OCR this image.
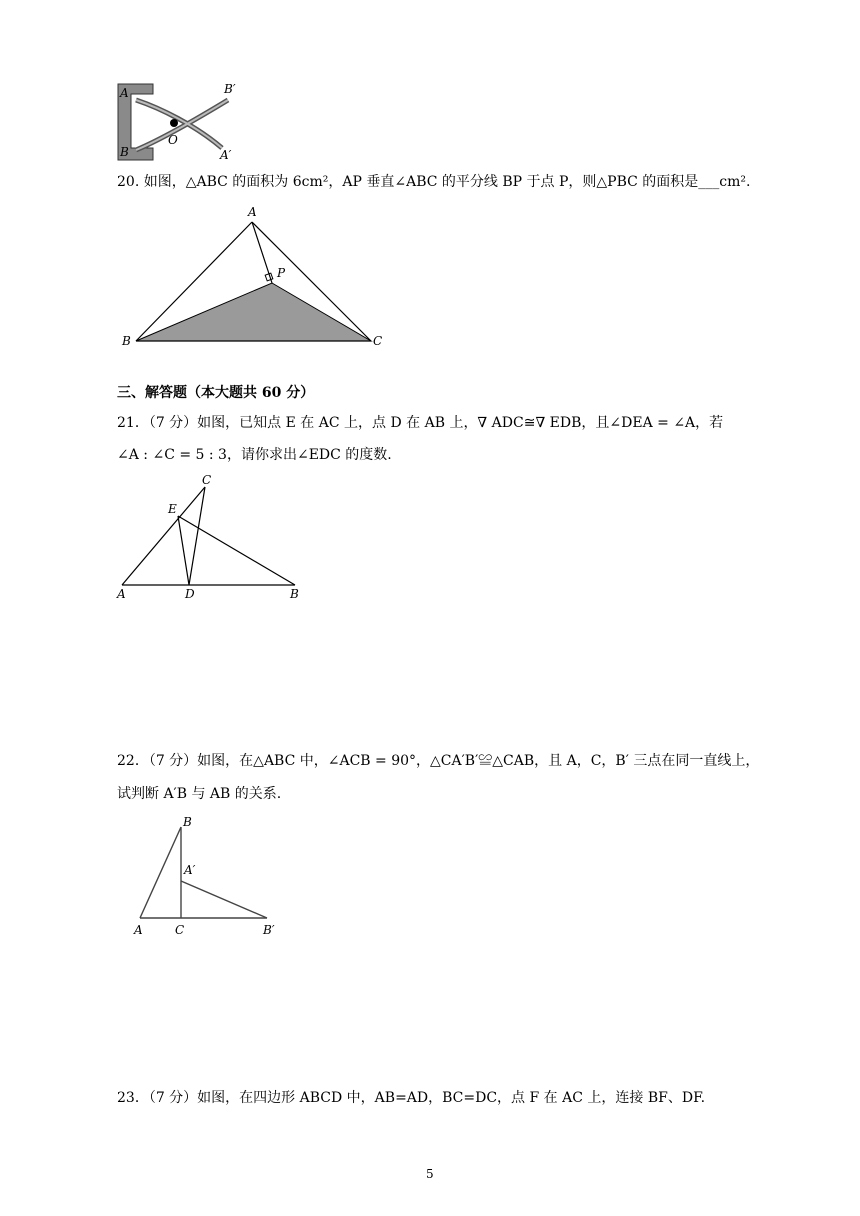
A
B
O
B′
A′
20. 如图，△ABC 的面积为 6cm²，AP 垂直∠ABC 的平分线 BP 于点 P，则△PBC 的面积是___cm².
A
P
B	C
三、解答题（本大题共 60 分）
21．（7 分）如图，已知点 E 在 AC 上，点 D 在 AB 上，∇ ADC≅∇ EDB，且∠DEA = ∠A，若
∠A : ∠C = 5 : 3，请你求出∠EDC 的度数.
C
E
A	D	B
22．（7 分）如图，在△ABC 中，∠ACB = 90°，△CA′B′≌△CAB，且 A，C，B′ 三点在同一直线上，
试判断 A′B 与 AB 的关系.
B
A′
A	C	B′
23．（7 分）如图，在四边形 ABCD 中，AB=AD，BC=DC，点 F 在 AC 上，连接 BF、DF.
5
